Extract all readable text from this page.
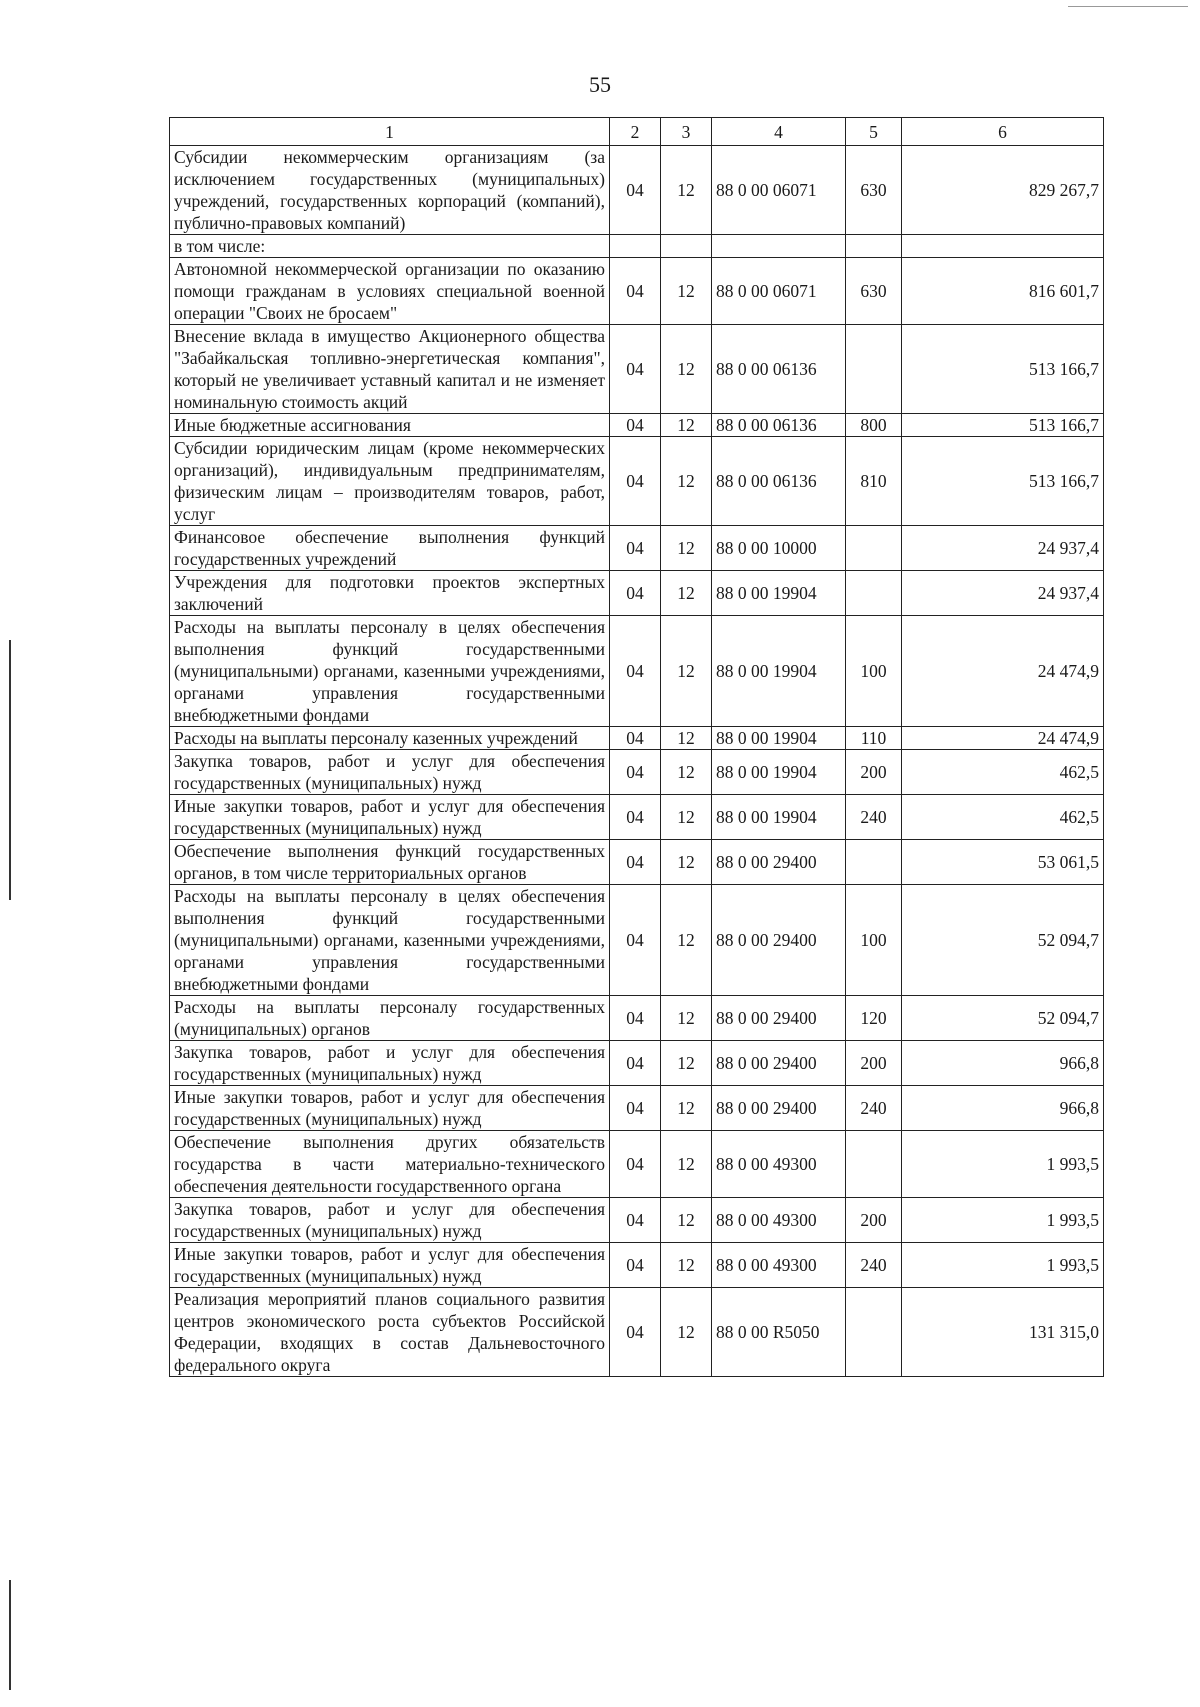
55
1	2	3	4	5	6
Субсидии некоммерческим организациям (за исключением государственных (муниципальных) учреждений, государственных корпораций (компаний), публично-правовых компаний)	04	12	88 0 00 06071	630	829 267,7
в том числе:					
Автономной некоммерческой организации по оказанию помощи гражданам в условиях специальной военной операции "Своих не бросаем"	04	12	88 0 00 06071	630	816 601,7
Внесение вклада в имущество Акционерного общества "Забайкальская топливно-энергетическая компания", который не увеличивает уставный капитал и не изменяет номинальную стоимость акций	04	12	88 0 00 06136		513 166,7
Иные бюджетные ассигнования	04	12	88 0 00 06136	800	513 166,7
Субсидии юридическим лицам (кроме некоммерческих организаций), индивидуальным предпринимателям, физическим лицам – производителям товаров, работ, услуг	04	12	88 0 00 06136	810	513 166,7
Финансовое обеспечение выполнения функций государственных учреждений	04	12	88 0 00 10000		24 937,4
Учреждения для подготовки проектов экспертных заключений	04	12	88 0 00 19904		24 937,4
Расходы на выплаты персоналу в целях обеспечения выполнения функций государственными (муниципальными) органами, казенными учреждениями, органами управления государственными внебюджетными фондами	04	12	88 0 00 19904	100	24 474,9
Расходы на выплаты персоналу казенных учреждений	04	12	88 0 00 19904	110	24 474,9
Закупка товаров, работ и услуг для обеспечения государственных (муниципальных) нужд	04	12	88 0 00 19904	200	462,5
Иные закупки товаров, работ и услуг для обеспечения государственных (муниципальных) нужд	04	12	88 0 00 19904	240	462,5
Обеспечение выполнения функций государственных органов, в том числе территориальных органов	04	12	88 0 00 29400		53 061,5
Расходы на выплаты персоналу в целях обеспечения выполнения функций государственными (муниципальными) органами, казенными учреждениями, органами управления государственными внебюджетными фондами	04	12	88 0 00 29400	100	52 094,7
Расходы на выплаты персоналу государственных (муниципальных) органов	04	12	88 0 00 29400	120	52 094,7
Закупка товаров, работ и услуг для обеспечения государственных (муниципальных) нужд	04	12	88 0 00 29400	200	966,8
Иные закупки товаров, работ и услуг для обеспечения государственных (муниципальных) нужд	04	12	88 0 00 29400	240	966,8
Обеспечение выполнения других обязательств государства в части материально-технического обеспечения деятельности государственного органа	04	12	88 0 00 49300		1 993,5
Закупка товаров, работ и услуг для обеспечения государственных (муниципальных) нужд	04	12	88 0 00 49300	200	1 993,5
Иные закупки товаров, работ и услуг для обеспечения государственных (муниципальных) нужд	04	12	88 0 00 49300	240	1 993,5
Реализация мероприятий планов социального развития центров экономического роста субъектов Российской Федерации, входящих в состав Дальневосточного федерального округа	04	12	88 0 00 R5050		131 315,0
